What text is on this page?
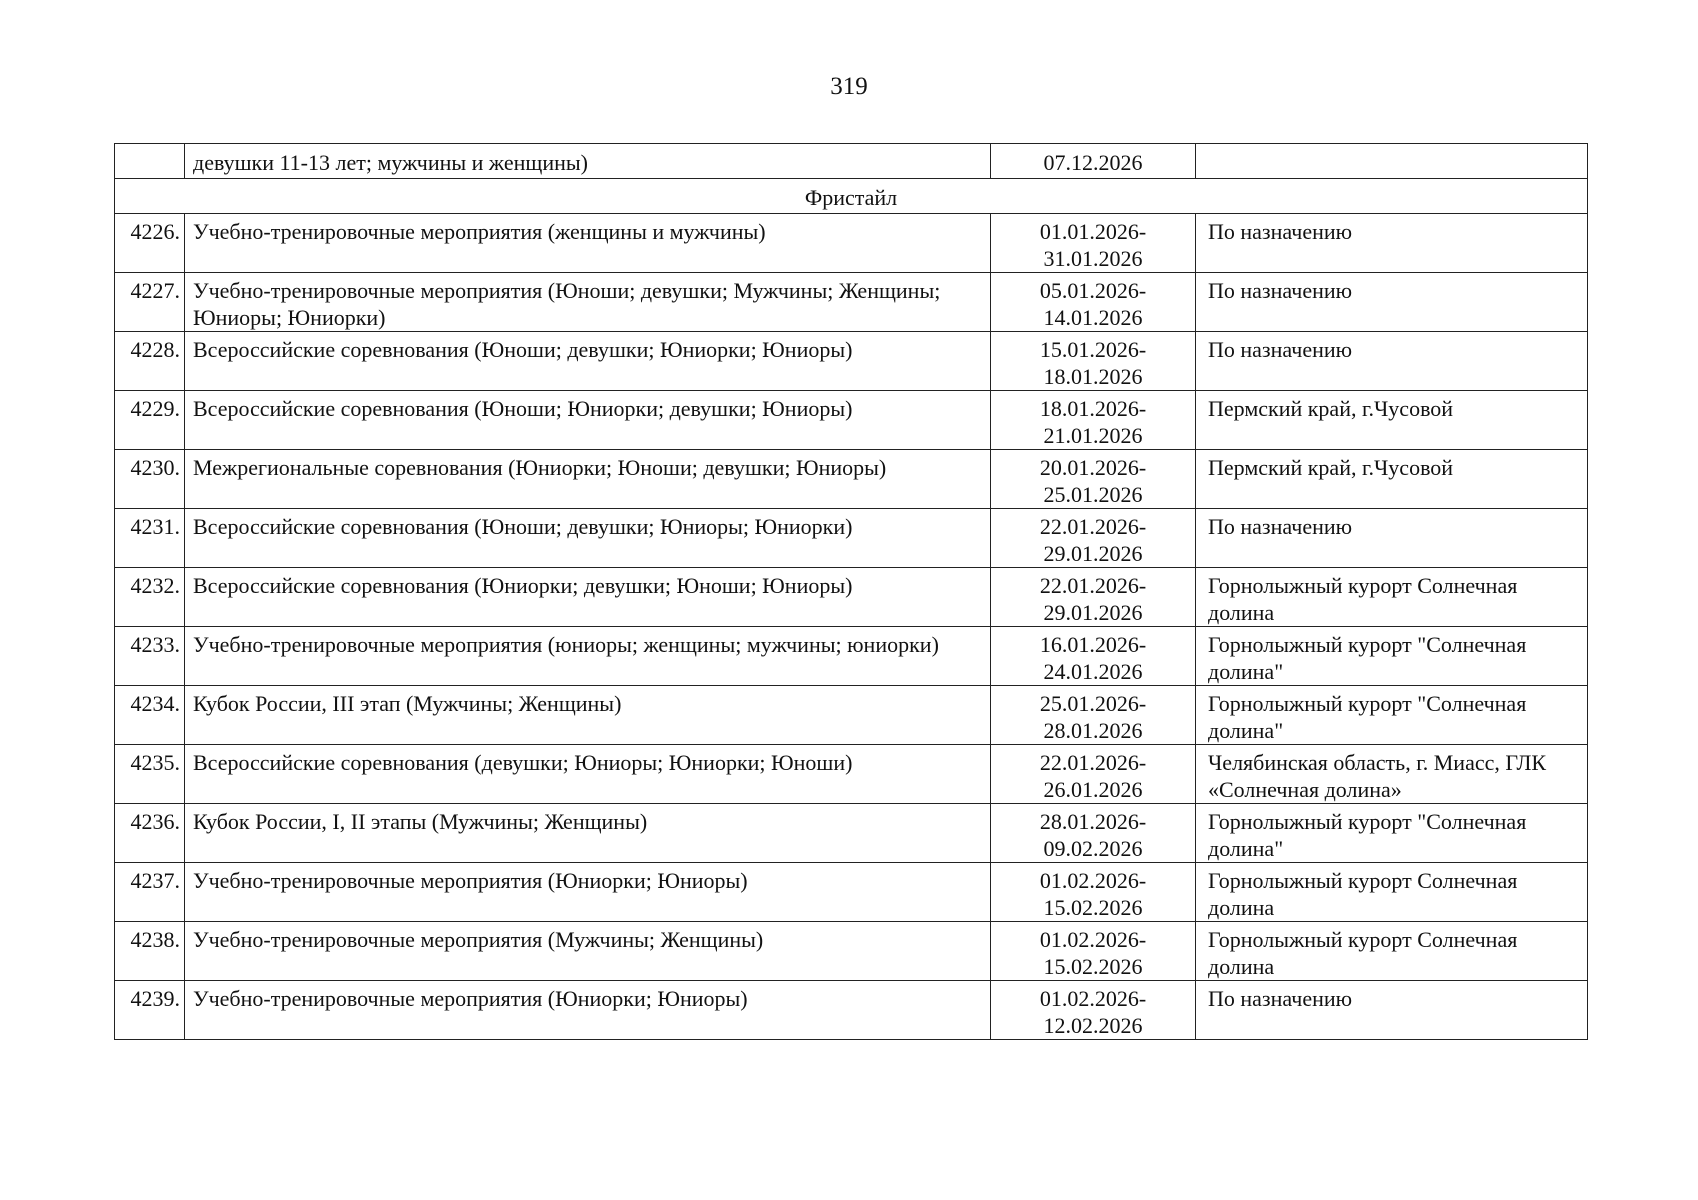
319
	девушки 11-13 лет; мужчины и женщины)	07.12.2026	
Фристайл			
4226.	Учебно-тренировочные мероприятия (женщины и мужчины)	01.01.2026- 31.01.2026	По назначению
4227.	Учебно-тренировочные мероприятия (Юноши; девушки; Мужчины; Женщины; Юниоры; Юниорки)	05.01.2026- 14.01.2026	По назначению
4228.	Всероссийские соревнования (Юноши; девушки; Юниорки; Юниоры)	15.01.2026- 18.01.2026	По назначению
4229.	Всероссийские соревнования (Юноши; Юниорки; девушки; Юниоры)	18.01.2026- 21.01.2026	Пермский край, г.Чусовой
4230.	Межрегиональные соревнования (Юниорки; Юноши; девушки; Юниоры)	20.01.2026- 25.01.2026	Пермский край, г.Чусовой
4231.	Всероссийские соревнования (Юноши; девушки; Юниоры; Юниорки)	22.01.2026- 29.01.2026	По назначению
4232.	Всероссийские соревнования (Юниорки; девушки; Юноши; Юниоры)	22.01.2026- 29.01.2026	Горнолыжный курорт Солнечная долина
4233.	Учебно-тренировочные мероприятия (юниоры; женщины; мужчины; юниорки)	16.01.2026- 24.01.2026	Горнолыжный курорт "Солнечная долина"
4234.	Кубок России, III этап (Мужчины; Женщины)	25.01.2026- 28.01.2026	Горнолыжный курорт "Солнечная долина"
4235.	Всероссийские соревнования (девушки; Юниоры; Юниорки; Юноши)	22.01.2026- 26.01.2026	Челябинская область, г. Миасс, ГЛК «Солнечная долина»
4236.	Кубок России, I, II этапы (Мужчины; Женщины)	28.01.2026- 09.02.2026	Горнолыжный курорт "Солнечная долина"
4237.	Учебно-тренировочные мероприятия (Юниорки; Юниоры)	01.02.2026- 15.02.2026	Горнолыжный курорт Солнечная долина
4238.	Учебно-тренировочные мероприятия (Мужчины; Женщины)	01.02.2026- 15.02.2026	Горнолыжный курорт Солнечная долина
4239.	Учебно-тренировочные мероприятия (Юниорки; Юниоры)	01.02.2026- 12.02.2026	По назначению
